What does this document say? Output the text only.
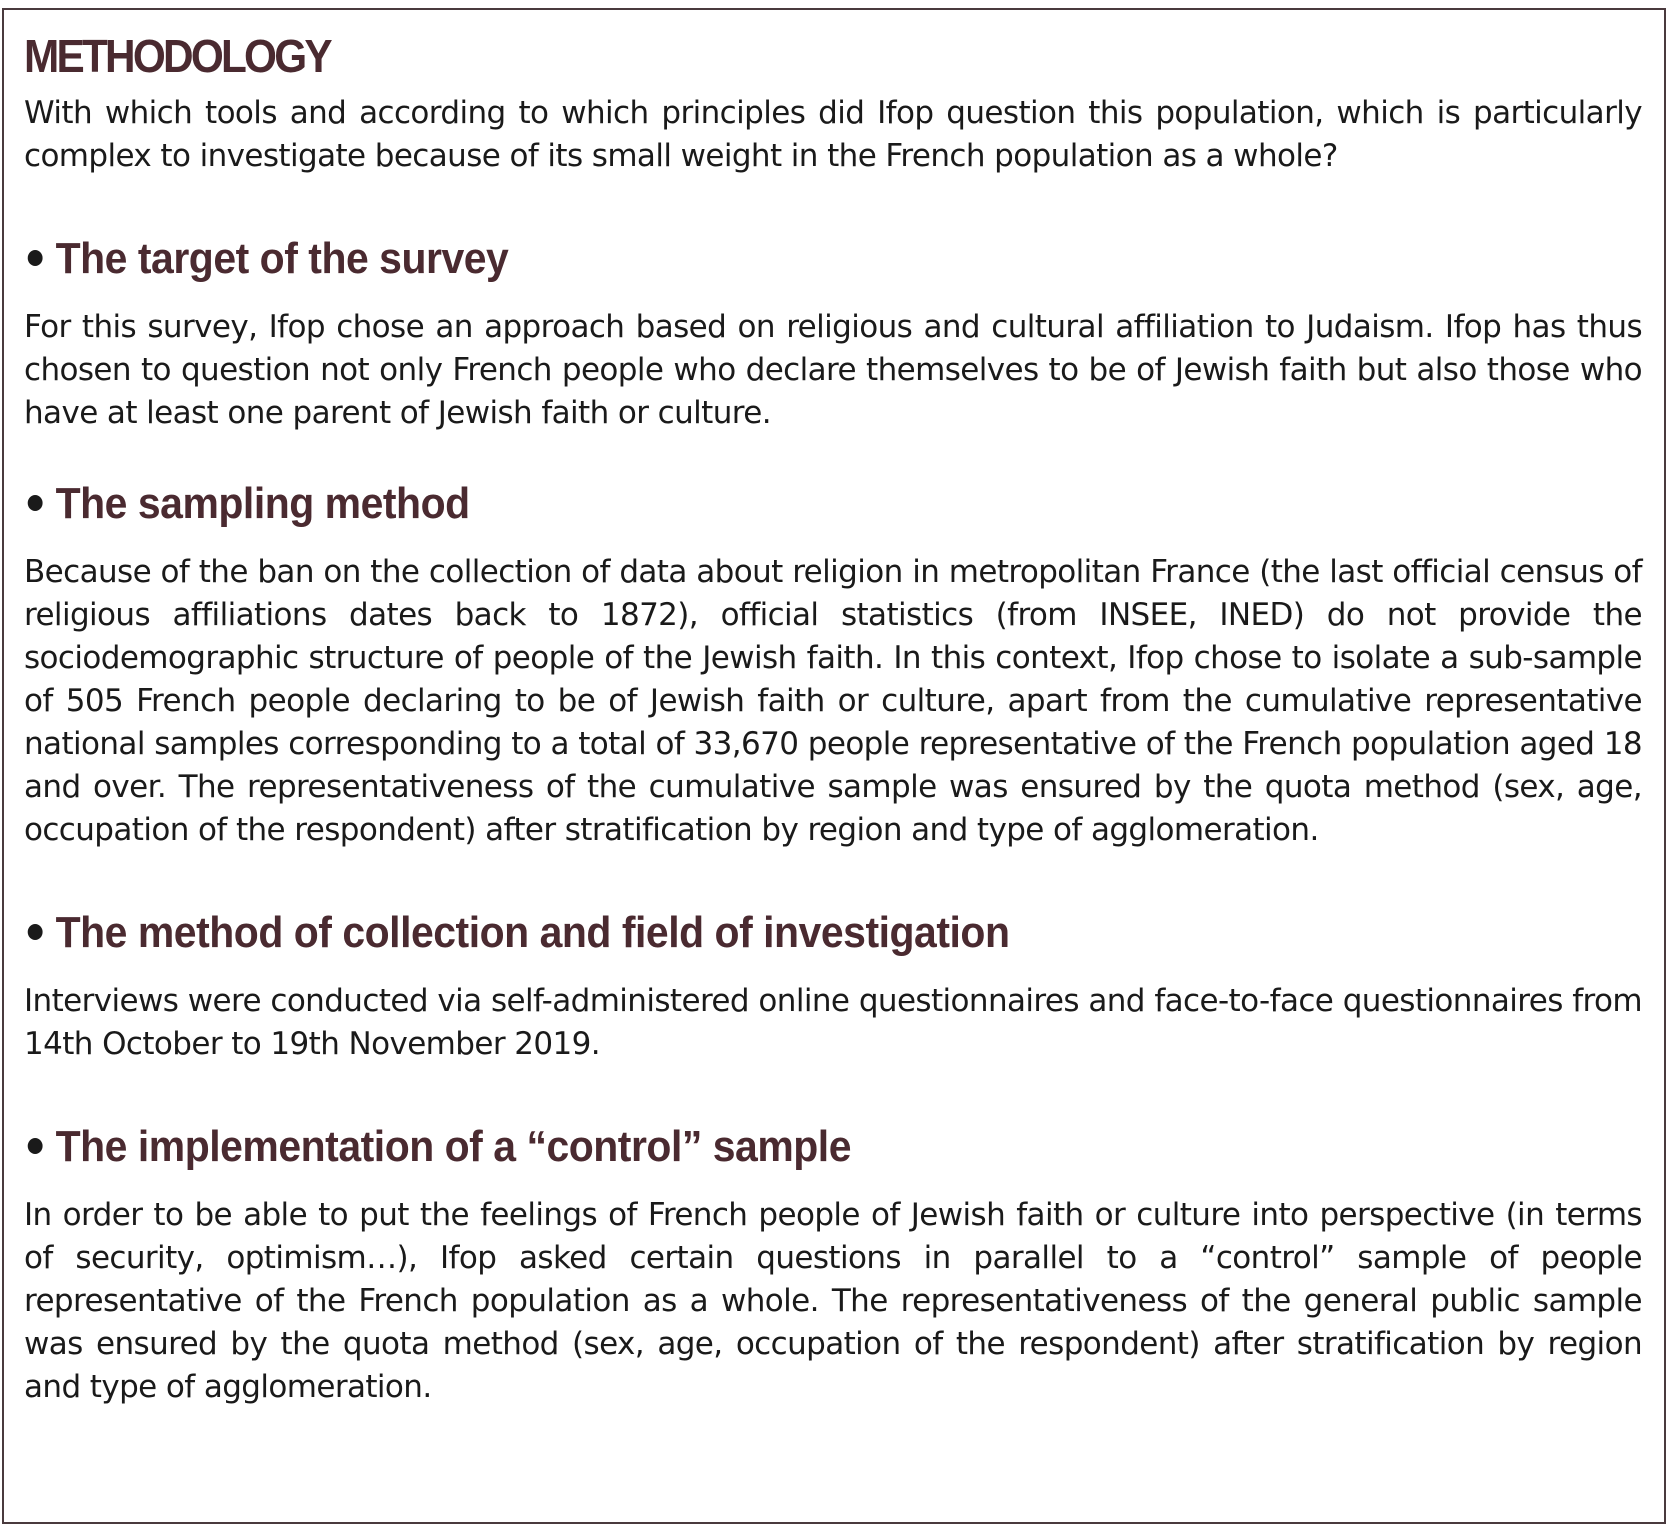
METHODOLOGY

With which tools and according to which principles did Ifop question this population, which is particularly complex to investigate because of its small weight in the French population as a whole?

The target of the survey

For this survey, Ifop chose an approach based on religious and cultural affiliation to Judaism. Ifop has thus chosen to question not only French people who declare themselves to be of Jewish faith but also those who have at least one parent of Jewish faith or culture.

The sampling method

Because of the ban on the collection of data about religion in metropolitan France (the last official census of religious affiliations dates back to 1872), official statistics (from INSEE, INED) do not provide the sociodemographic structure of people of the Jewish faith. In this context, Ifop chose to isolate a sub-sample of 505 French people declaring to be of Jewish faith or culture, apart from the cumulative representative national samples corresponding to a total of 33,670 people representative of the French population aged 18 and over. The representativeness of the cumulative sample was ensured by the quota method (sex, age, occupation of the respondent) after stratification by region and type of agglomeration.

The method of collection and field of investigation

Interviews were conducted via self-administered online questionnaires and face-to-face questionnaires from 14th October to 19th November 2019.

The implementation of a “control” sample

In order to be able to put the feelings of French people of Jewish faith or culture into perspective (in terms of security, optimism…), Ifop asked certain questions in parallel to a “control” sample of people representative of the French population as a whole. The representativeness of the general public sample was ensured by the quota method (sex, age, occupation of the respondent) after stratification by region and type of agglomeration.
